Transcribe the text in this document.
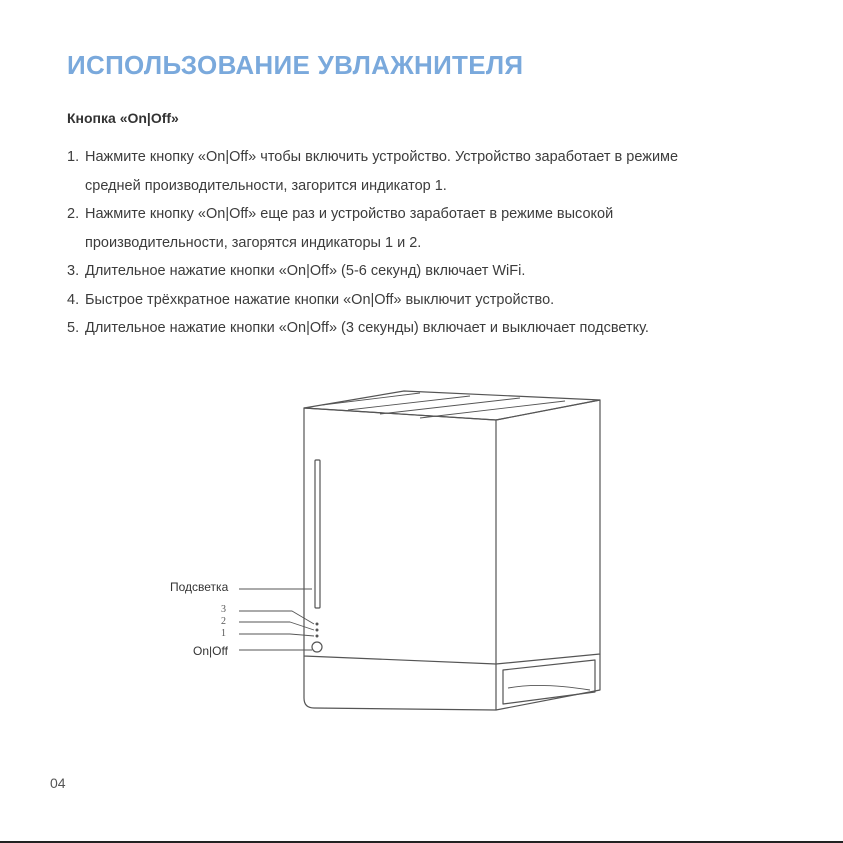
ИСПОЛЬЗОВАНИЕ УВЛАЖНИТЕЛЯ
Кнопка «On|Off»
1. Нажмите кнопку «On|Off» чтобы включить устройство. Устройство заработает в режиме
средней производительности, загорится индикатор 1.
2. Нажмите кнопку «On|Off» еще раз и устройство заработает в режиме высокой
производительности, загорятся индикаторы 1 и 2.
3. Длительное нажатие кнопки «On|Off» (5-6 секунд) включает WiFi.
4. Быстрое трёхкратное нажатие кнопки «On|Off» выключит устройство.
5. Длительное нажатие кнопки «On|Off» (3 секунды) включает и выключает подсветку.
Подсветка
3
2
1
On|Off
04
